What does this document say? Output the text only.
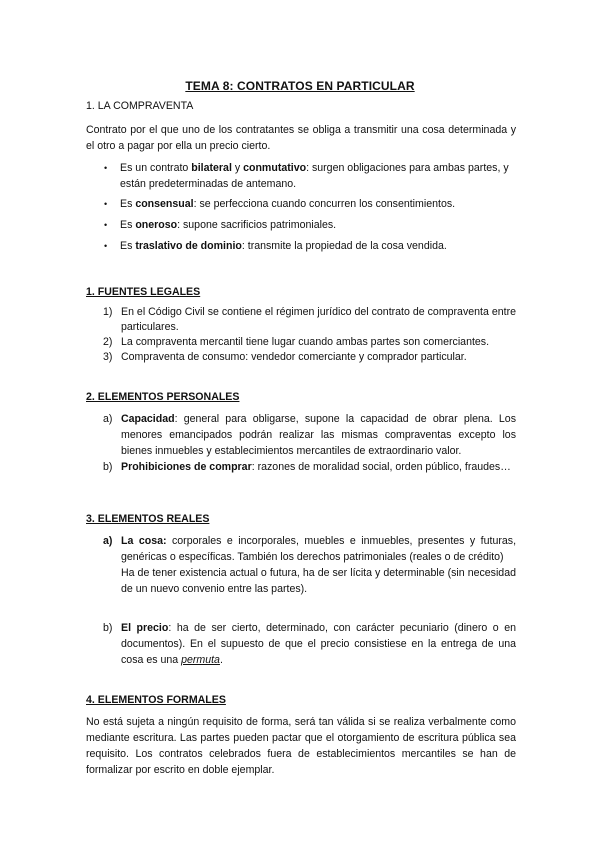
TEMA 8: CONTRATOS EN PARTICULAR
1. LA COMPRAVENTA

Contrato por el que uno de los contratantes se obliga a transmitir una cosa determinada y el otro a pagar por ella un precio cierto.

•	Es un contrato bilateral y conmutativo: surgen obligaciones para ambas partes, y están predeterminadas de antemano.
•	Es consensual: se perfecciona cuando concurren los consentimientos.
•	Es oneroso: supone sacrificios patrimoniales.
•	Es traslativo de dominio: transmite la propiedad de la cosa vendida.
1. FUENTES LEGALES
1) En el Código Civil se contiene el régimen jurídico del contrato de compraventa entre particulares.
2) La compraventa mercantil tiene lugar cuando ambas partes son comerciantes.
3) Compraventa de consumo: vendedor comerciante y comprador particular.
2. ELEMENTOS PERSONALES
a) Capacidad: general para obligarse, supone la capacidad de obrar plena. Los menores emancipados podrán realizar las mismas compraventas excepto los bienes inmuebles y establecimientos mercantiles de extraordinario valor.
b) Prohibiciones de comprar: razones de moralidad social, orden público, fraudes…
3. ELEMENTOS REALES
a) La cosa: corporales e incorporales, muebles e inmuebles, presentes y futuras, genéricas o específicas. También los derechos patrimoniales (reales o de crédito)
Ha de tener existencia actual o futura, ha de ser lícita y determinable (sin necesidad de un nuevo convenio entre las partes).
b) El precio: ha de ser cierto, determinado, con carácter pecuniario (dinero o en documentos). En el supuesto de que el precio consistiese en la entrega de una cosa es una permuta.
4. ELEMENTOS FORMALES

No está sujeta a ningún requisito de forma, será tan válida si se realiza verbalmente como mediante escritura. Las partes pueden pactar que el otorgamiento de escritura pública sea requisito. Los contratos celebrados fuera de establecimientos mercantiles se han de formalizar por escrito en doble ejemplar.
